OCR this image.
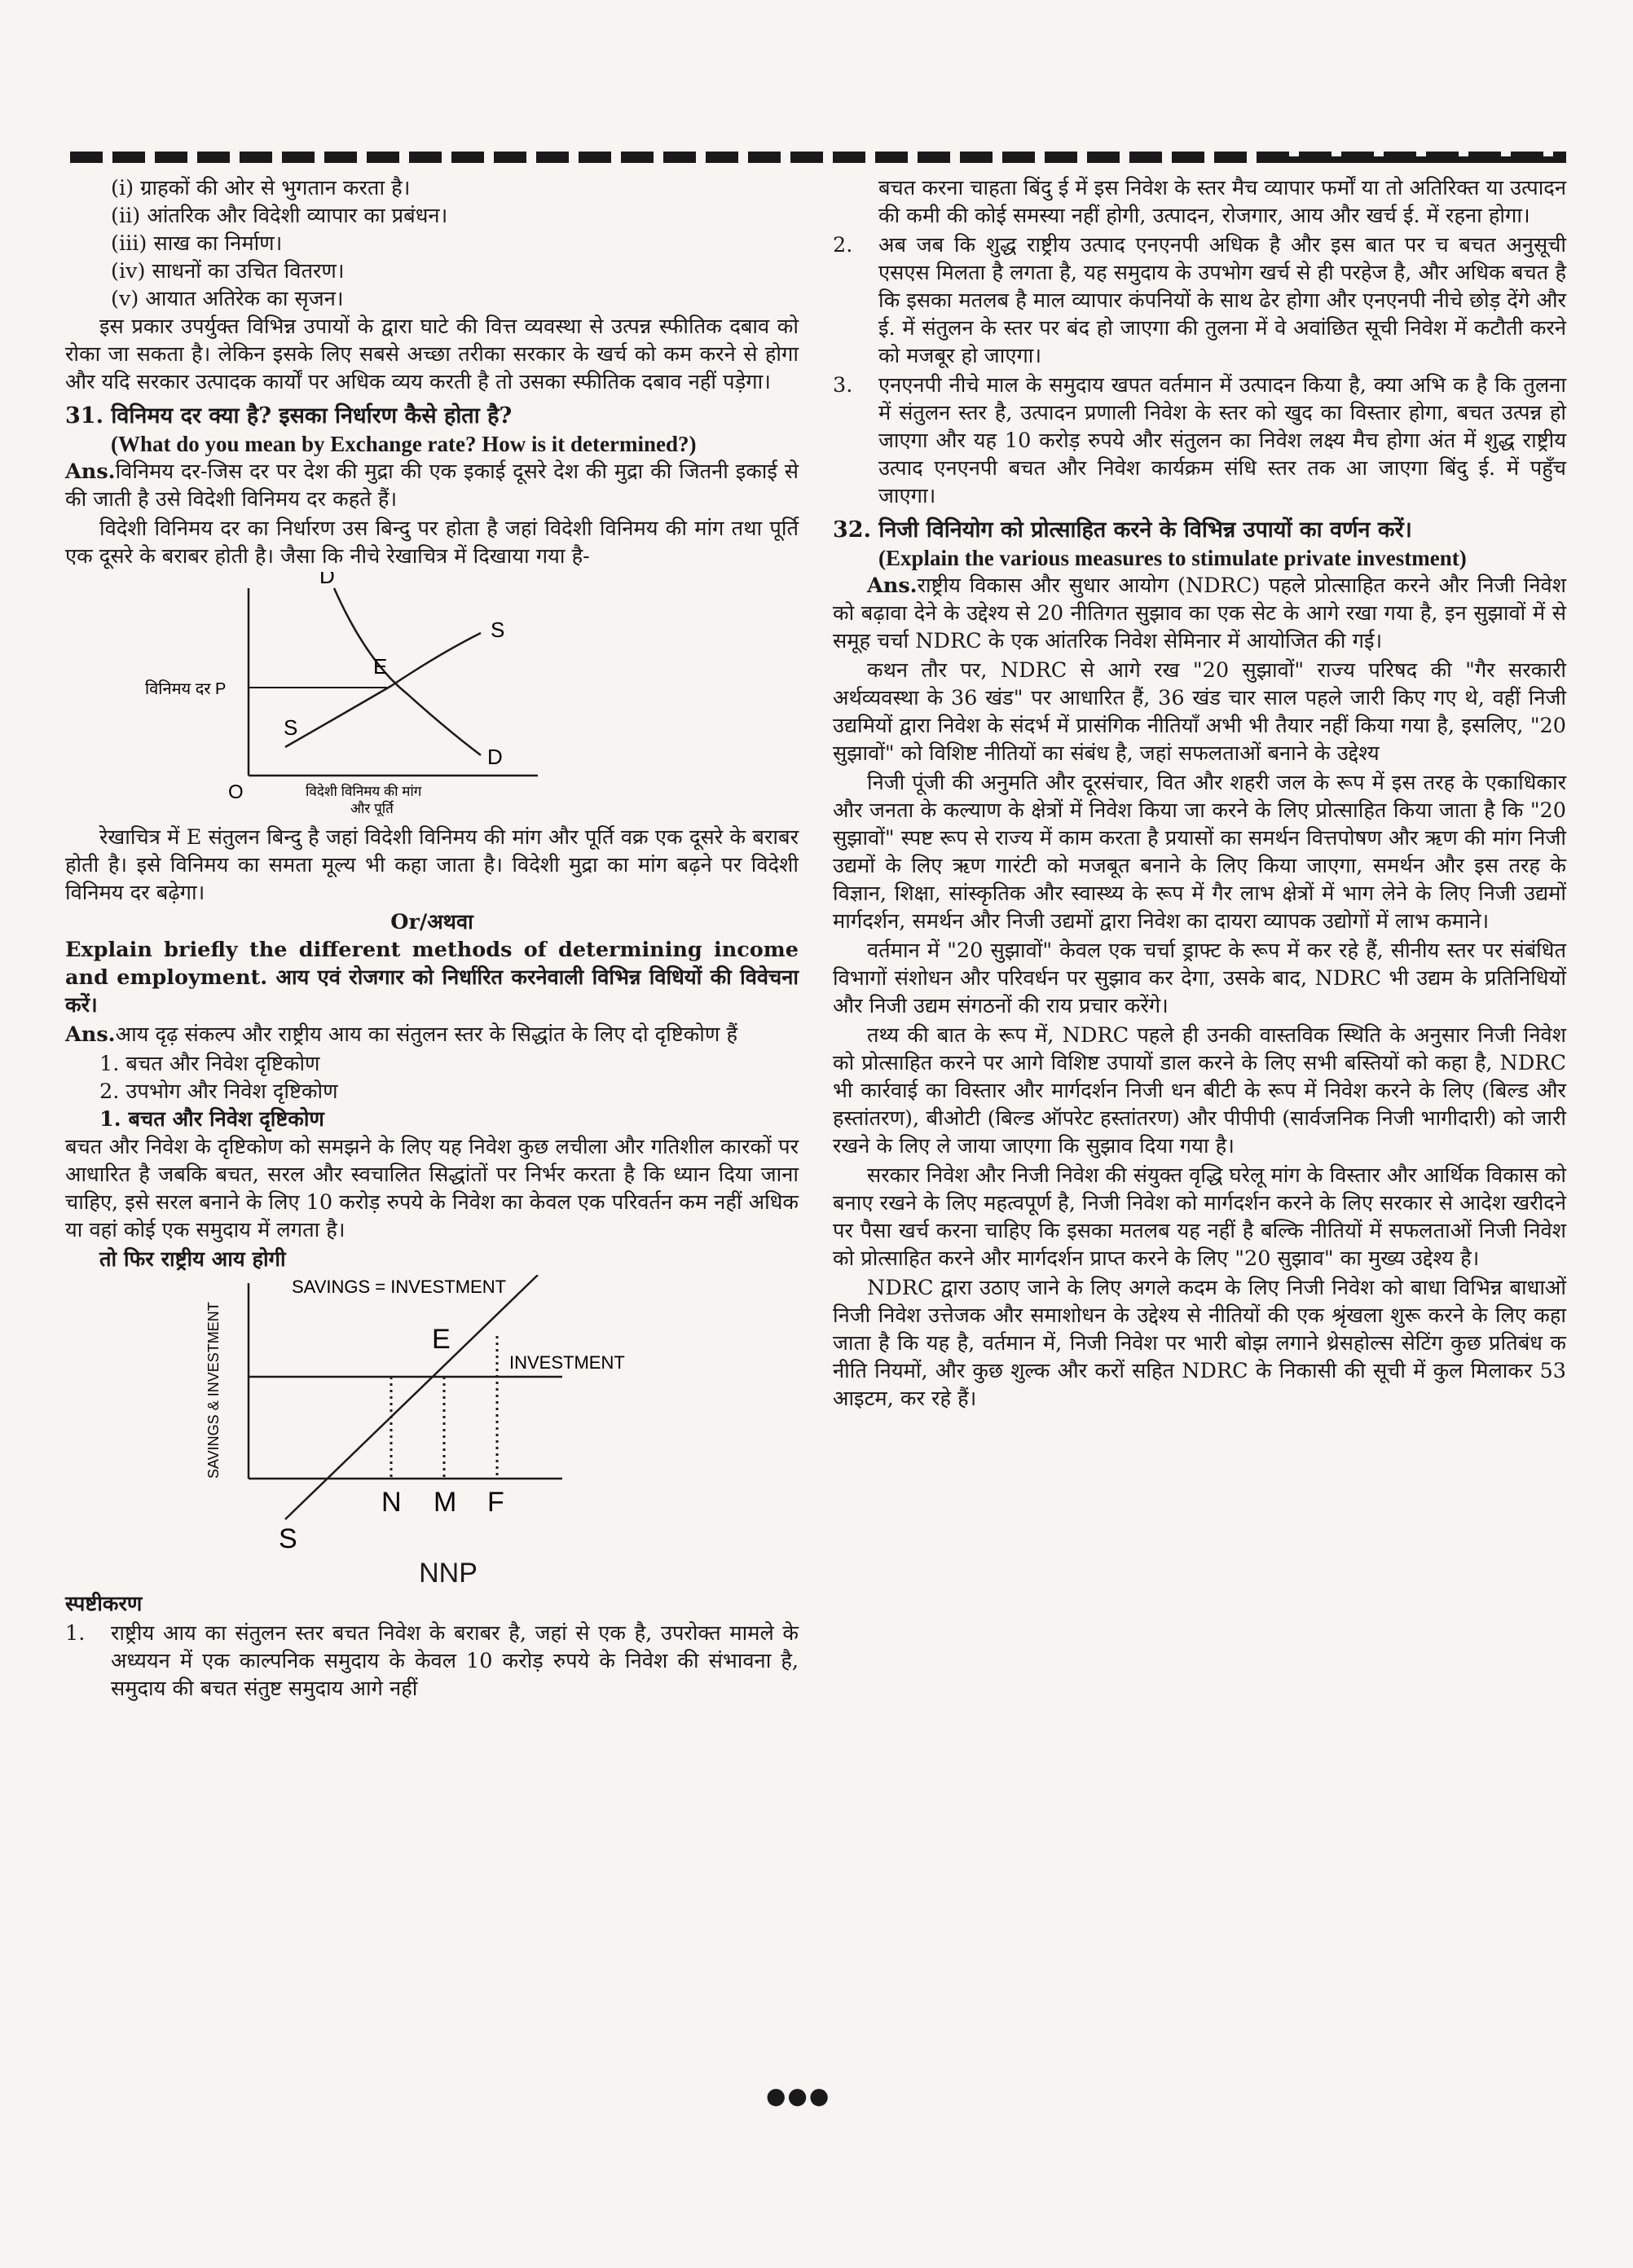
(i) ग्राहकों की ओर से भुगतान करता है।

(ii) आंतरिक और विदेशी व्यापार का प्रबंधन।

(iii) साख का निर्माण।

(iv) साधनों का उचित वितरण।

(v) आयात अतिरेक का सृजन।

इस प्रकार उपर्युक्त विभिन्न उपायों के द्वारा घाटे की वित्त व्यवस्था से उत्पन्न स्फीतिक दबाव को रोका जा सकता है। लेकिन इसके लिए सबसे अच्छा तरीका सरकार के खर्च को कम करने से होगा और यदि सरकार उत्पादक कार्यों पर अधिक व्यय करती है तो उसका स्फीतिक दबाव नहीं पड़ेगा।

31. विनिमय दर क्या है? इसका निर्धारण कैसे होता है?

(What do you mean by Exchange rate? How is it determined?)

Ans.विनिमय दर-जिस दर पर देश की मुद्रा की एक इकाई दूसरे देश की मुद्रा की जितनी इकाई से की जाती है उसे विदेशी विनिमय दर कहते हैं।

विदेशी विनिमय दर का निर्धारण उस बिन्दु पर होता है जहां विदेशी विनिमय की मांग तथा पूर्ति एक दूसरे के बराबर होती है। जैसा कि नीचे रेखाचित्र में दिखाया गया है-

D
S
E
विनिमय दर P
S
D
O	विदेशी विनिमय की मांग
और पूर्ति

रेखाचित्र में E संतुलन बिन्दु है जहां विदेशी विनिमय की मांग और पूर्ति वक्र एक दूसरे के बराबर होती है। इसे विनिमय का समता मूल्य भी कहा जाता है। विदेशी मुद्रा का मांग बढ़ने पर विदेशी विनिमय दर बढ़ेगा।

Or/अथवा

Explain briefly the different methods of determining income and employment. आय एवं रोजगार को निर्धारित करनेवाली विभिन्न विधियों की विवेचना करें।

Ans.आय दृढ़ संकल्प और राष्ट्रीय आय का संतुलन स्तर के सिद्धांत के लिए दो दृष्टिकोण हैं

1. बचत और निवेश दृष्टिकोण

2. उपभोग और निवेश दृष्टिकोण

1. बचत और निवेश दृष्टिकोण

बचत और निवेश के दृष्टिकोण को समझने के लिए यह निवेश कुछ लचीला और गतिशील कारकों पर आधारित है जबकि बचत, सरल और स्वचालित सिद्धांतों पर निर्भर करता है कि ध्यान दिया जाना चाहिए, इसे सरल बनाने के लिए 10 करोड़ रुपये के निवेश का केवल एक परिवर्तन कम नहीं अधिक या वहां कोई एक समुदाय में लगता है।

तो फिर राष्ट्रीय आय होगी

SAVINGS & INVESTMENT
SAVINGS = INVESTMENT
E
INVESTMENT
N M F
S

NNP

स्पष्टीकरण

1. राष्ट्रीय आय का संतुलन स्तर बचत निवेश के बराबर है, जहां से एक है, उपरोक्त मामले के अध्ययन में एक काल्पनिक समुदाय के केवल 10 करोड़ रुपये के निवेश की संभावना है, समुदाय की बचत संतुष्ट समुदाय आगे नहीं

बचत करना चाहता बिंदु ई में इस निवेश के स्तर मैच व्यापार फर्मों या तो अतिरिक्त या उत्पादन की कमी की कोई समस्या नहीं होगी, उत्पादन, रोजगार, आय और खर्च ई. में रहना होगा।

2. अब जब कि शुद्ध राष्ट्रीय उत्पाद एनएनपी अधिक है और इस बात पर च बचत अनुसूची एसएस मिलता है लगता है, यह समुदाय के उपभोग खर्च से ही परहेज है, और अधिक बचत है कि इसका मतलब है माल व्यापार कंपनियों के साथ ढेर होगा और एनएनपी नीचे छोड़ देंगे और ई. में संतुलन के स्तर पर बंद हो जाएगा की तुलना में वे अवांछित सूची निवेश में कटौती करने को मजबूर हो जाएगा।

3. एनएनपी नीचे माल के समुदाय खपत वर्तमान में उत्पादन किया है, क्या अभि क है कि तुलना में संतुलन स्तर है, उत्पादन प्रणाली निवेश के स्तर को खुद का विस्तार होगा, बचत उत्पन्न हो जाएगा और यह 10 करोड़ रुपये और संतुलन का निवेश लक्ष्य मैच होगा अंत में शुद्ध राष्ट्रीय उत्पाद एनएनपी बचत और निवेश कार्यक्रम संधि स्तर तक आ जाएगा बिंदु ई. में पहुँच जाएगा।

32. निजी विनियोग को प्रोत्साहित करने के विभिन्न उपायों का वर्णन करें।

(Explain the various measures to stimulate private investment)

Ans.राष्ट्रीय विकास और सुधार आयोग (NDRC) पहले प्रोत्साहित करने और निजी निवेश को बढ़ावा देने के उद्देश्य से 20 नीतिगत सुझाव का एक सेट के आगे रखा गया है, इन सुझावों में से समूह चर्चा NDRC के एक आंतरिक निवेश सेमिनार में आयोजित की गई।

कथन तौर पर, NDRC से आगे रख "20 सुझावों" राज्य परिषद की "गैर सरकारी अर्थव्यवस्था के 36 खंड" पर आधारित हैं, 36 खंड चार साल पहले जारी किए गए थे, वहीं निजी उद्यमियों द्वारा निवेश के संदर्भ में प्रासंगिक नीतियाँ अभी भी तैयार नहीं किया गया है, इसलिए, "20 सुझावों" को विशिष्ट नीतियों का संबंध है, जहां सफलताओं बनाने के उद्देश्य

निजी पूंजी की अनुमति और दूरसंचार, वित और शहरी जल के रूप में इस तरह के एकाधिकार और जनता के कल्याण के क्षेत्रों में निवेश किया जा करने के लिए प्रोत्साहित किया जाता है कि "20 सुझावों" स्पष्ट रूप से राज्य में काम करता है प्रयासों का समर्थन वित्तपोषण और ऋण की मांग निजी उद्यमों के लिए ऋण गारंटी को मजबूत बनाने के लिए किया जाएगा, समर्थन और इस तरह के विज्ञान, शिक्षा, सांस्कृतिक और स्वास्थ्य के रूप में गैर लाभ क्षेत्रों में भाग लेने के लिए निजी उद्यमों मार्गदर्शन, समर्थन और निजी उद्यमों द्वारा निवेश का दायरा व्यापक उद्योगों में लाभ कमाने।

वर्तमान में "20 सुझावों" केवल एक चर्चा ड्राफ्ट के रूप में कर रहे हैं, सीनीय स्तर पर संबंधित विभागों संशोधन और परिवर्धन पर सुझाव कर देगा, उसके बाद, NDRC भी उद्यम के प्रतिनिधियों और निजी उद्यम संगठनों की राय प्रचार करेंगे।

तथ्य की बात के रूप में, NDRC पहले ही उनकी वास्तविक स्थिति के अनुसार निजी निवेश को प्रोत्साहित करने पर आगे विशिष्ट उपायों डाल करने के लिए सभी बस्तियों को कहा है, NDRC भी कार्रवाई का विस्तार और मार्गदर्शन निजी धन बीटी के रूप में निवेश करने के लिए (बिल्ड और हस्तांतरण), बीओटी (बिल्ड ऑपरेट हस्तांतरण) और पीपीपी (सार्वजनिक निजी भागीदारी) को जारी रखने के लिए ले जाया जाएगा कि सुझाव दिया गया है।

सरकार निवेश और निजी निवेश की संयुक्त वृद्धि घरेलू मांग के विस्तार और आर्थिक विकास को बनाए रखने के लिए महत्वपूर्ण है, निजी निवेश को मार्गदर्शन करने के लिए सरकार से आदेश खरीदने पर पैसा खर्च करना चाहिए कि इसका मतलब यह नहीं है बल्कि नीतियों में सफलताओं निजी निवेश को प्रोत्साहित करने और मार्गदर्शन प्राप्त करने के लिए "20 सुझाव" का मुख्य उद्देश्य है।

NDRC द्वारा उठाए जाने के लिए अगले कदम के लिए निजी निवेश को बाधा विभिन्न बाधाओं निजी निवेश उत्तेजक और समाशोधन के उद्देश्य से नीतियों की एक श्रृंखला शुरू करने के लिए कहा जाता है कि यह है, वर्तमान में, निजी निवेश पर भारी बोझ लगाने थ्रेसहोल्स सेटिंग कुछ प्रतिबंध क नीति नियमों, और कुछ शुल्क और करों सहित NDRC के निकासी की सूची में कुल मिलाकर 53 आइटम, कर रहे हैं।

●●●
